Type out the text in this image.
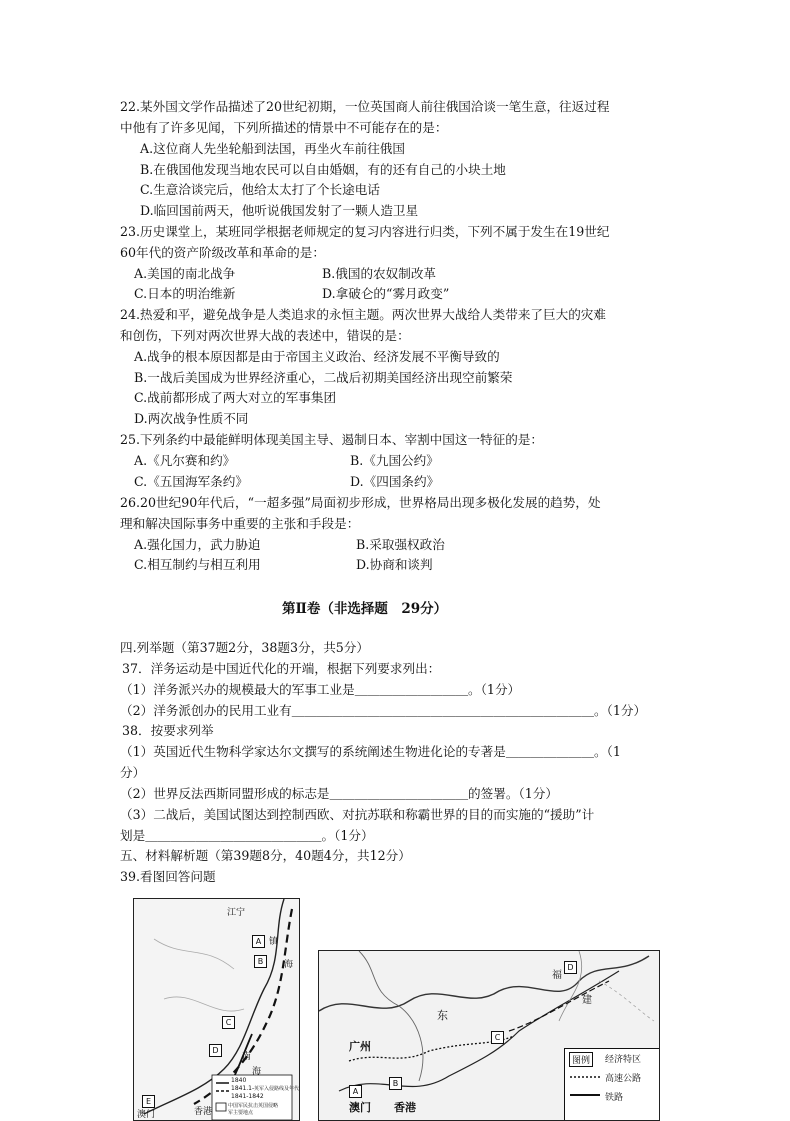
22.某外国文学作品描述了20世纪初期，一位英国商人前往俄国洽谈一笔生意，往返过程
中他有了许多见闻，下列所描述的情景中不可能存在的是：
A.这位商人先坐轮船到法国，再坐火车前往俄国
B.在俄国他发现当地农民可以自由婚姻，有的还有自己的小块土地
C.生意洽谈完后，他给太太打了个长途电话
D.临回国前两天，他听说俄国发射了一颗人造卫星
23.历史课堂上，某班同学根据老师规定的复习内容进行归类，下列不属于发生在19世纪
60年代的资产阶级改革和革命的是：
A.美国的南北战争	B.俄国的农奴制改革
C.日本的明治维新	D.拿破仑的“雾月政变”
24.热爱和平，避免战争是人类追求的永恒主题。两次世界大战给人类带来了巨大的灾难
和创伤，下列对两次世界大战的表述中，错误的是：
A.战争的根本原因都是由于帝国主义政治、经济发展不平衡导致的
B.一战后美国成为世界经济重心，二战后初期美国经济出现空前繁荣
C.战前都形成了两大对立的军事集团
D.两次战争性质不同
25.下列条约中最能鲜明体现美国主导、遏制日本、宰割中国这一特征的是：
A.《凡尔赛和约》	B.《九国公约》
C.《五国海军条约》	D.《四国条约》
26.20世纪90年代后，“一超多强”局面初步形成，世界格局出现多极化发展的趋势，处
理和解决国际事务中重要的主张和手段是：
A.强化国力，武力胁迫	B.采取强权政治
C.相互制约与相互利用	D.协商和谈判
第Ⅱ卷（非选择题　29分）
四.列举题（第37题2分，38题3分，共5分）
37．洋务运动是中国近代化的开端，根据下列要求列出：
（1）洋务派兴办的规模最大的军事工业是＿＿＿＿＿＿＿＿＿。（1分）
（2）洋务派创办的民用工业有＿＿＿＿＿＿＿＿＿＿＿＿＿＿＿＿＿＿＿＿＿＿＿＿。（1分）
38．按要求列举
（1）英国近代生物科学家达尔文撰写的系统阐述生物进化论的专著是＿＿＿＿＿＿＿。（1
分）
（2）世界反法西斯同盟形成的标志是＿＿＿＿＿＿＿＿＿＿＿的签署。（1分）
（3）二战后，美国试图达到控制西欧、对抗苏联和称霸世界的目的而实施的“援助”计
划是＿＿＿＿＿＿＿＿＿＿＿＿＿＿。（1分）
五、材料解析题（第39题8分，40题4分，共12分）
39.看图回答问题
江宁
镇
海
香港
澳门
南
海
A
B
C
D
E
1840
1841.1-
1841-1842
英军入侵路线及年代
中国军民抗击英国侵略
军主要地点
福
建
东
广州
香港
澳门
A
B
C
D
图例	经济特区
高速公路
铁路
